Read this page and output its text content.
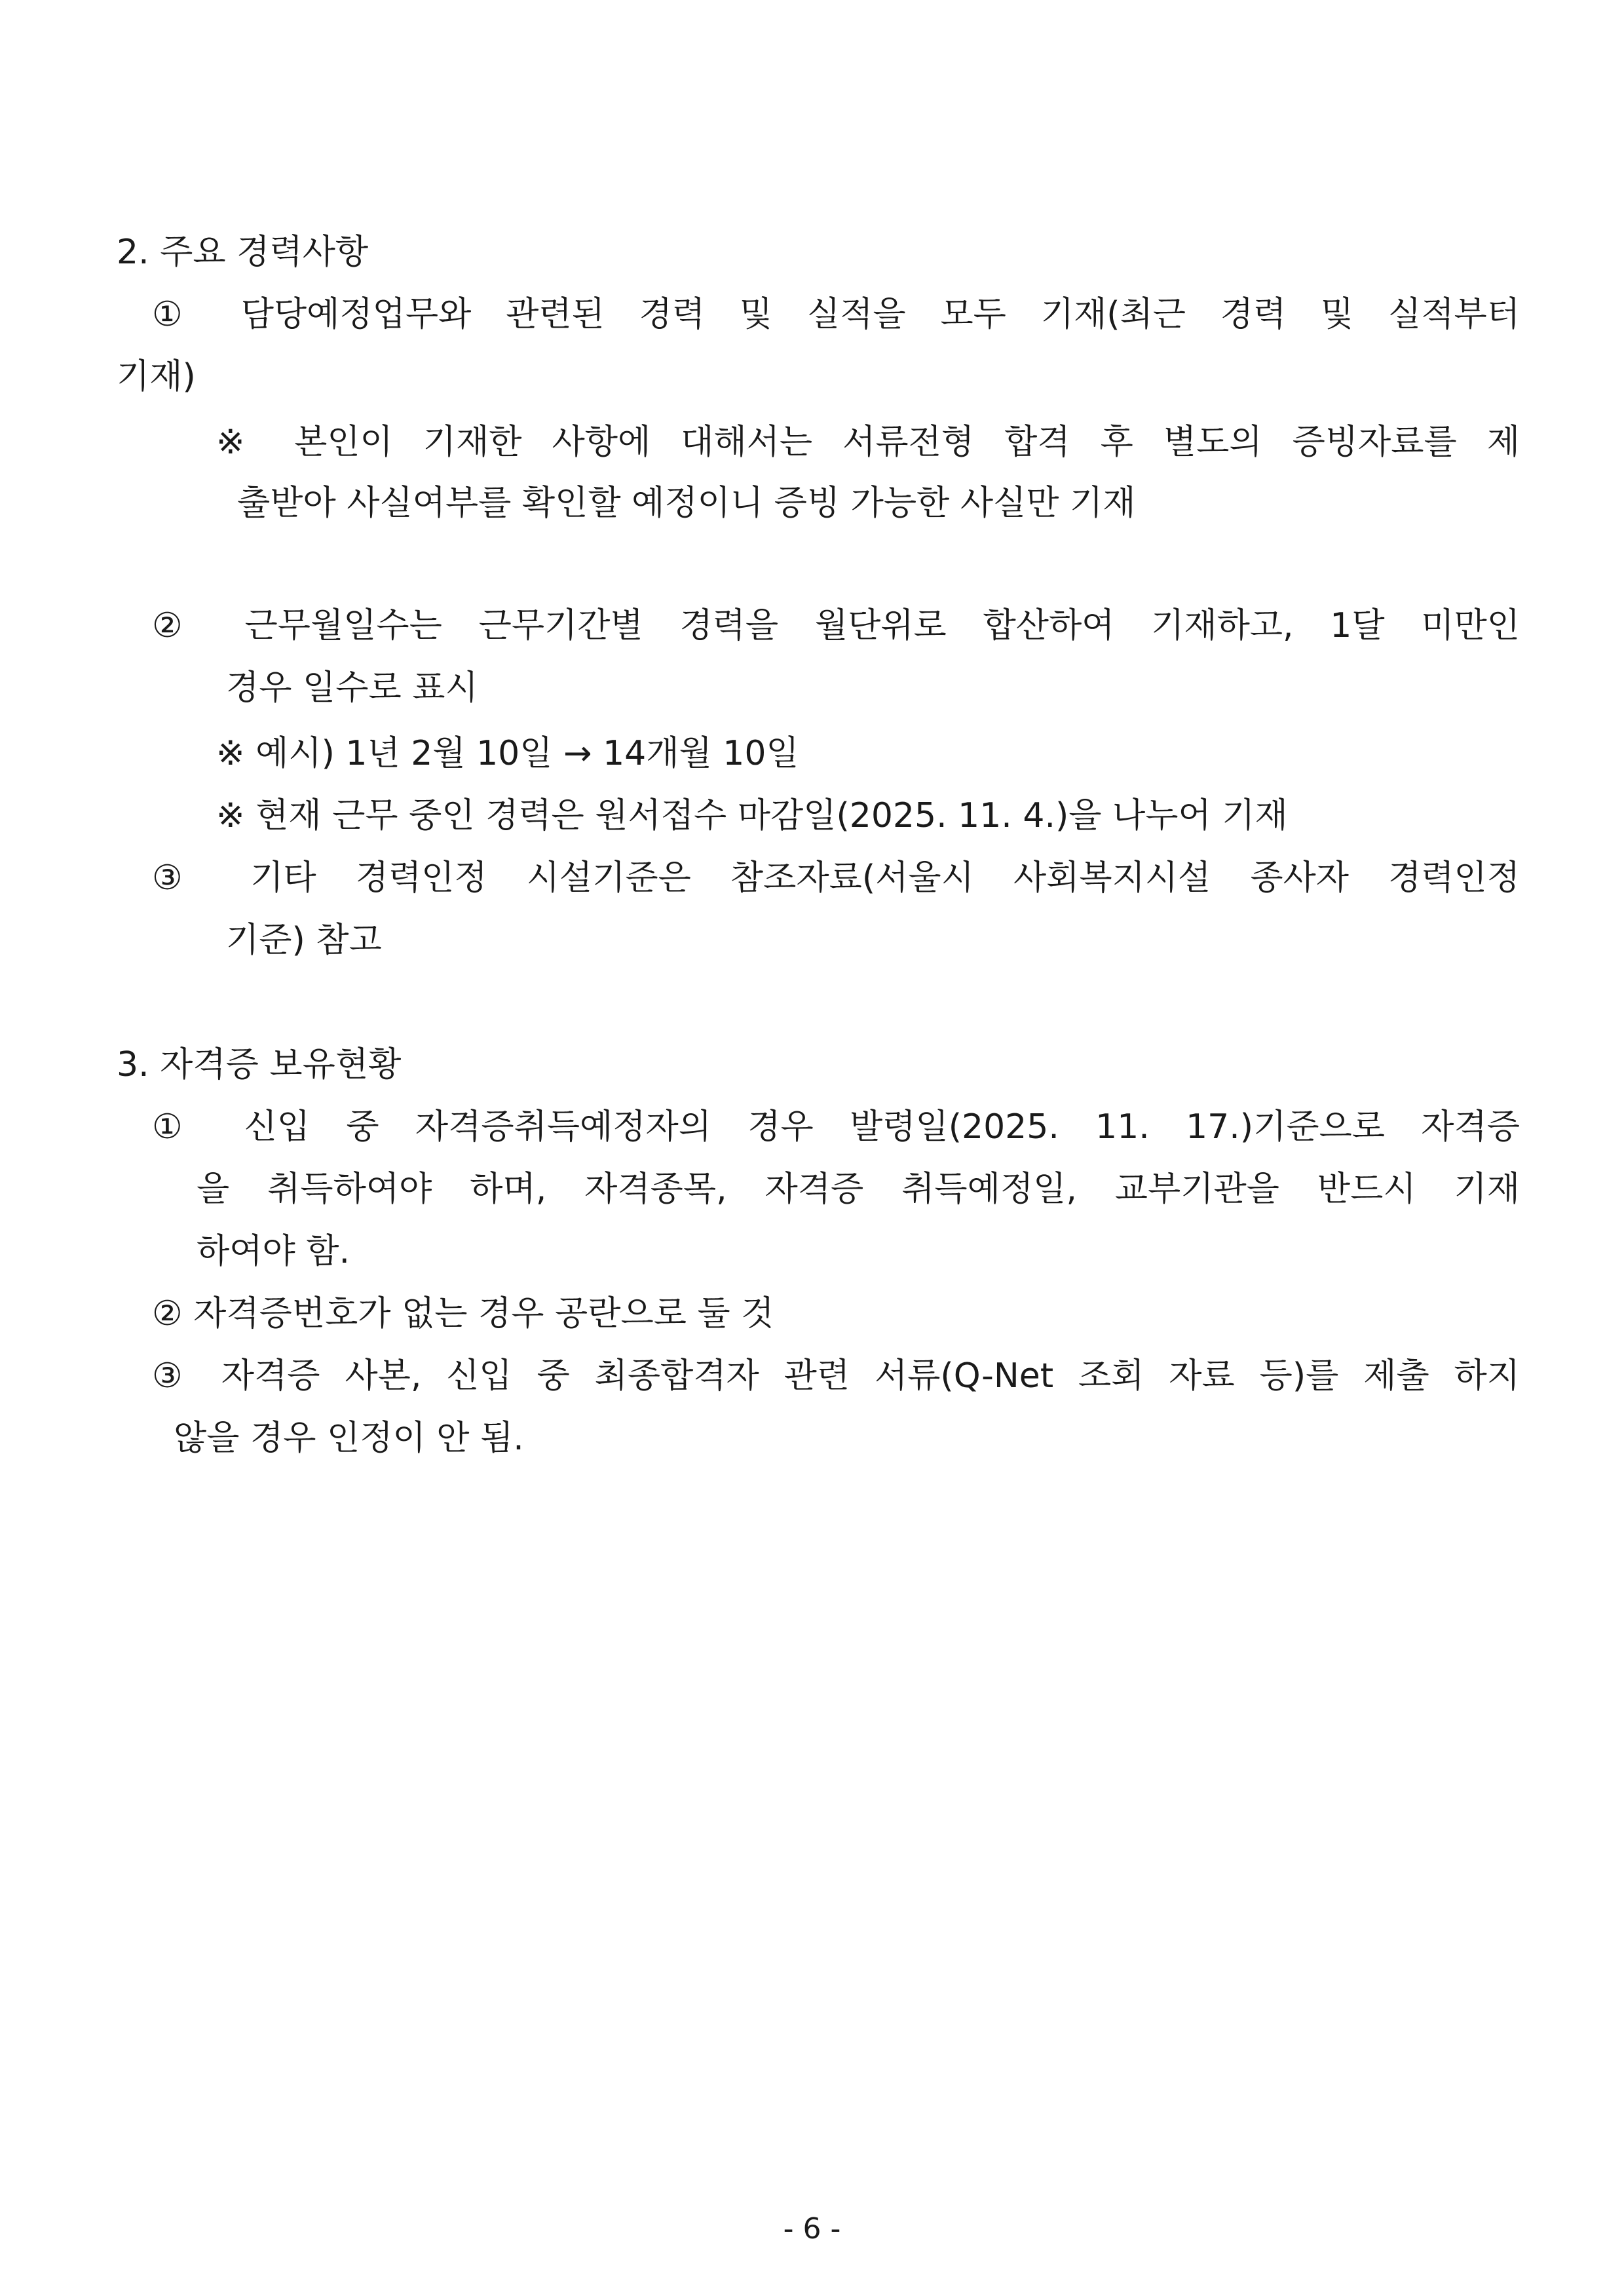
2. 주요 경력사항

① 담당예정업무와 관련된 경력 및 실적을 모두 기재(최근 경력 및 실적부터

기재)

※ 본인이 기재한 사항에 대해서는 서류전형 합격 후 별도의 증빙자료를 제

출받아 사실여부를 확인할 예정이니 증빙 가능한 사실만 기재

② 근무월일수는 근무기간별 경력을 월단위로 합산하여 기재하고, 1달 미만인

경우 일수로 표시

※ 예시) 1년 2월 10일 → 14개월 10일

※ 현재 근무 중인 경력은 원서접수 마감일(2025. 11. 4.)을 나누어 기재

③ 기타 경력인정 시설기준은 참조자료(서울시 사회복지시설 종사자 경력인정

기준) 참고

3. 자격증 보유현황

① 신입 중 자격증취득예정자의 경우 발령일(2025. 11. 17.)기준으로 자격증

을 취득하여야 하며, 자격종목, 자격증 취득예정일, 교부기관을 반드시 기재

하여야 함.

② 자격증번호가 없는 경우 공란으로 둘 것

③ 자격증 사본, 신입 중 최종합격자 관련 서류(Q-Net 조회 자료 등)를 제출 하지

않을 경우 인정이 안 됨.

- 6 -
